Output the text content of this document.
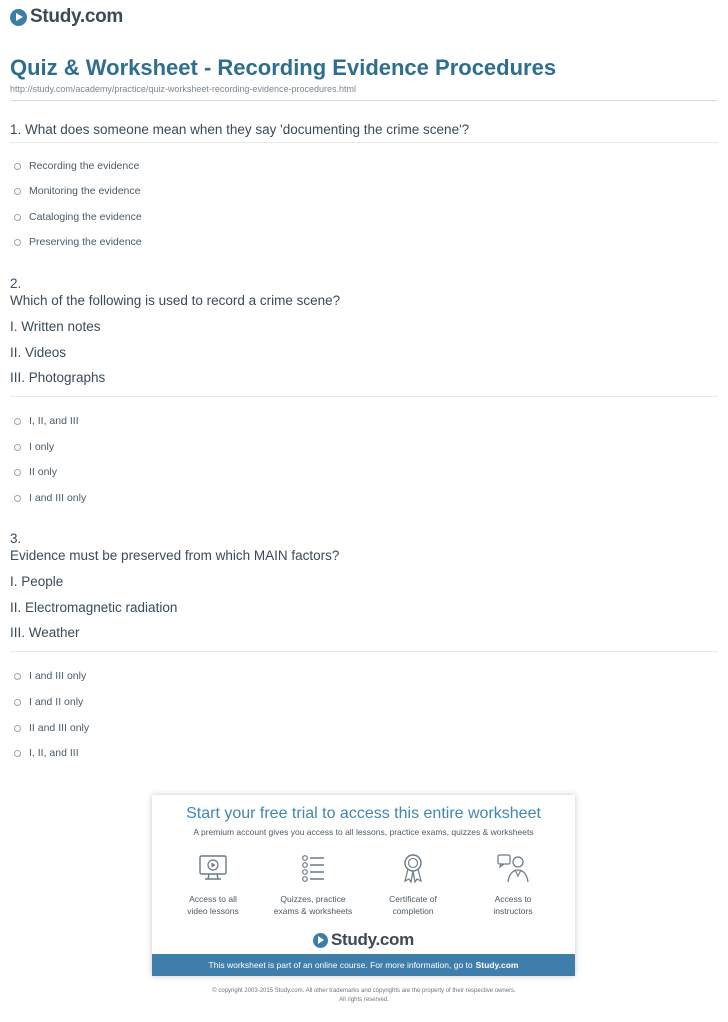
Study.com
Quiz & Worksheet - Recording Evidence Procedures
http://study.com/academy/practice/quiz-worksheet-recording-evidence-procedures.html
1. What does someone mean when they say 'documenting the crime scene'?
Recording the evidence
Monitoring the evidence
Cataloging the evidence
Preserving the evidence
2.
Which of the following is used to record a crime scene?
I. Written notes
II. Videos
III. Photographs
I, II, and III
I only
II only
I and III only
3.
Evidence must be preserved from which MAIN factors?
I. People
II. Electromagnetic radiation
III. Weather
I and III only
I and II only
II and III only
I, II, and III
Start your free trial to access this entire worksheet
A premium account gives you access to all lessons, practice exams, quizzes & worksheets
Access to all
video lessons
Quizzes, practice
exams & worksheets
Certificate of
completion
Access to
instructors
Study.com
This worksheet is part of an online course. For more information, go to Study.com
© copyright 2003-2015 Study.com. All other trademarks and copyrights are the property of their respective owners.
All rights reserved.
